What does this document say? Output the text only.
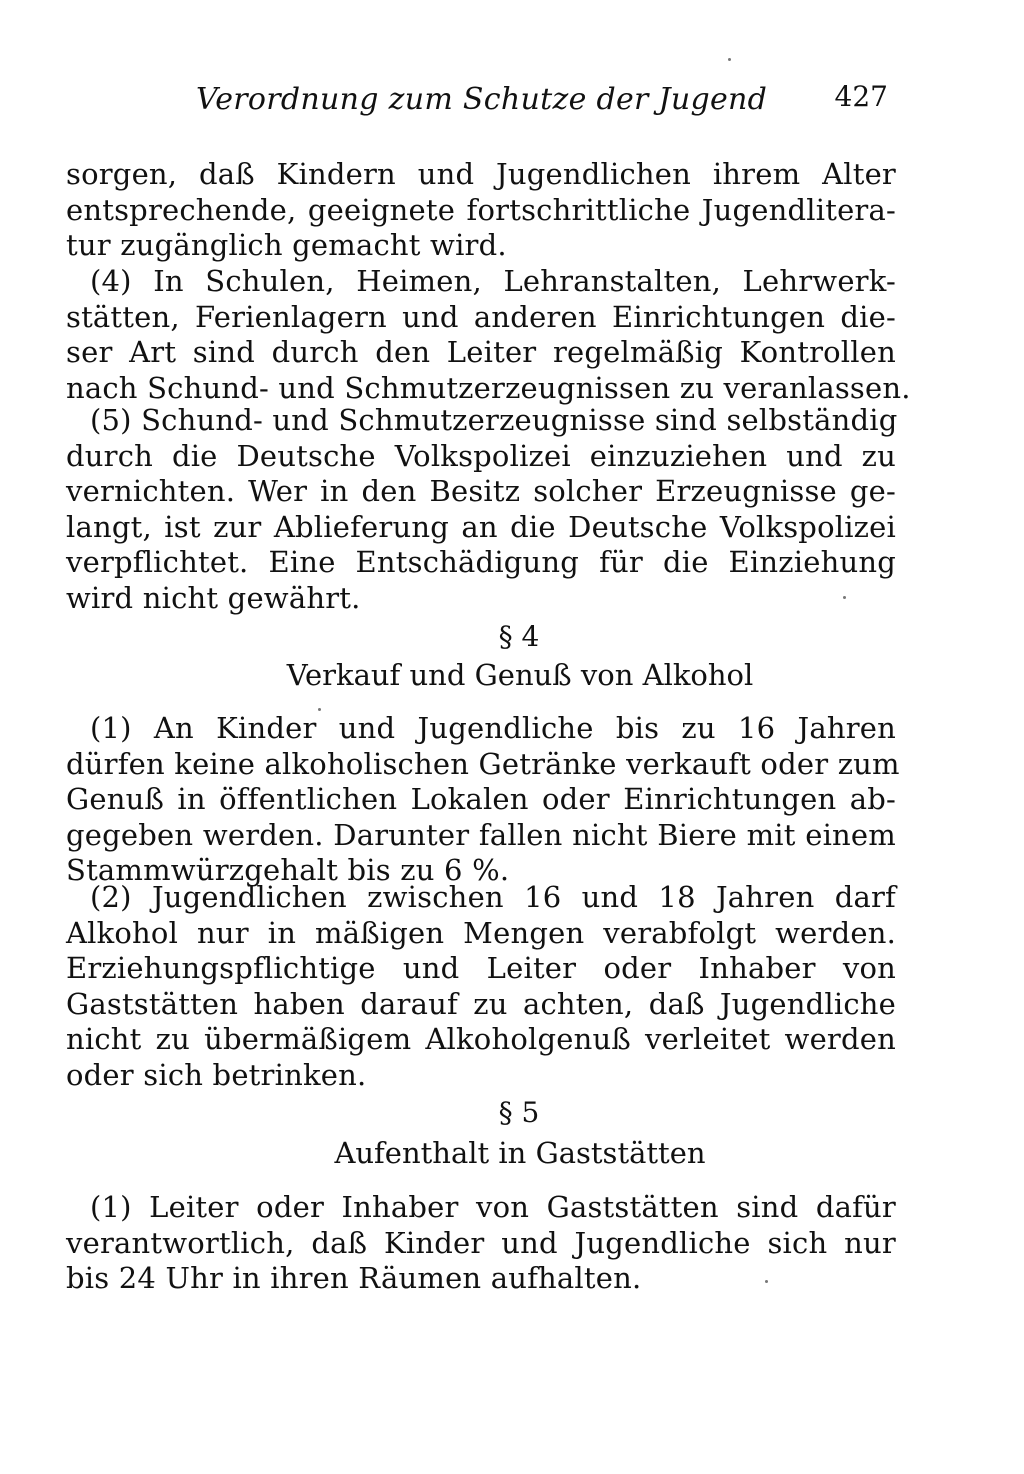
Verordnung zum Schutze der Jugend 427
sorgen, daß Kindern und Jugendlichen ihrem Alter
entsprechende, geeignete fortschrittliche Jugendlitera-
tur zugänglich gemacht wird.
(4) In Schulen, Heimen, Lehranstalten, Lehrwerk-
stätten, Ferienlagern und anderen Einrichtungen die-
ser Art sind durch den Leiter regelmäßig Kontrollen
nach Schund- und Schmutzerzeugnissen zu veranlassen.
(5) Schund- und Schmutzerzeugnisse sind selbständig
durch die Deutsche Volkspolizei einzuziehen und zu
vernichten. Wer in den Besitz solcher Erzeugnisse ge-
langt, ist zur Ablieferung an die Deutsche Volkspolizei
verpflichtet. Eine Entschädigung für die Einziehung
wird nicht gewährt.
§ 4
Verkauf und Genuß von Alkohol
(1) An Kinder und Jugendliche bis zu 16 Jahren
dürfen keine alkoholischen Getränke verkauft oder zum
Genuß in öffentlichen Lokalen oder Einrichtungen ab-
gegeben werden. Darunter fallen nicht Biere mit einem
Stammwürzgehalt bis zu 6 %.
(2) Jugendlichen zwischen 16 und 18 Jahren darf
Alkohol nur in mäßigen Mengen verabfolgt werden.
Erziehungspflichtige und Leiter oder Inhaber von
Gaststätten haben darauf zu achten, daß Jugendliche
nicht zu übermäßigem Alkoholgenuß verleitet werden
oder sich betrinken.
§ 5
Aufenthalt in Gaststätten
(1) Leiter oder Inhaber von Gaststätten sind dafür
verantwortlich, daß Kinder und Jugendliche sich nur
bis 24 Uhr in ihren Räumen aufhalten.
